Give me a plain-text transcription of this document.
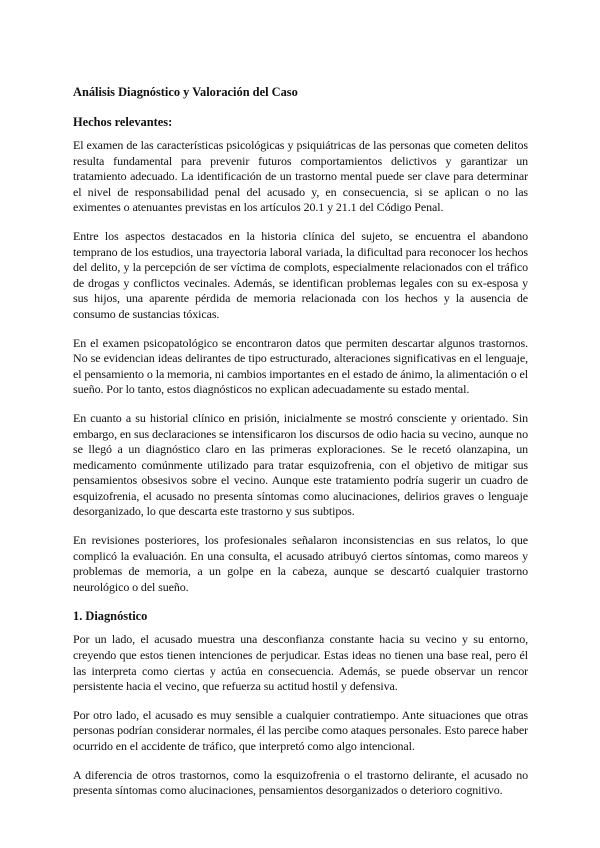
Análisis Diagnóstico y Valoración del Caso
Hechos relevantes:

El examen de las características psicológicas y psiquiátricas de las personas que cometen delitos resulta fundamental para prevenir futuros comportamientos delictivos y garantizar un tratamiento adecuado. La identificación de un trastorno mental puede ser clave para determinar el nivel de responsabilidad penal del acusado y, en consecuencia, si se aplican o no las eximentes o atenuantes previstas en los artículos 20.1 y 21.1 del Código Penal.

Entre los aspectos destacados en la historia clínica del sujeto, se encuentra el abandono temprano de los estudios, una trayectoria laboral variada, la dificultad para reconocer los hechos del delito, y la percepción de ser víctima de complots, especialmente relacionados con el tráfico de drogas y conflictos vecinales. Además, se identifican problemas legales con su ex-esposa y sus hijos, una aparente pérdida de memoria relacionada con los hechos y la ausencia de consumo de sustancias tóxicas.

En el examen psicopatológico se encontraron datos que permiten descartar algunos trastornos. No se evidencian ideas delirantes de tipo estructurado, alteraciones significativas en el lenguaje, el pensamiento o la memoria, ni cambios importantes en el estado de ánimo, la alimentación o el sueño. Por lo tanto, estos diagnósticos no explican adecuadamente su estado mental.

En cuanto a su historial clínico en prisión, inicialmente se mostró consciente y orientado. Sin embargo, en sus declaraciones se intensificaron los discursos de odio hacia su vecino, aunque no se llegó a un diagnóstico claro en las primeras exploraciones. Se le recetó olanzapina, un medicamento comúnmente utilizado para tratar esquizofrenia, con el objetivo de mitigar sus pensamientos obsesivos sobre el vecino. Aunque este tratamiento podría sugerir un cuadro de esquizofrenia, el acusado no presenta síntomas como alucinaciones, delirios graves o lenguaje desorganizado, lo que descarta este trastorno y sus subtipos.

En revisiones posteriores, los profesionales señalaron inconsistencias en sus relatos, lo que complicó la evaluación. En una consulta, el acusado atribuyó ciertos síntomas, como mareos y problemas de memoria, a un golpe en la cabeza, aunque se descartó cualquier trastorno neurológico o del sueño.

1. Diagnóstico

Por un lado, el acusado muestra una desconfianza constante hacia su vecino y su entorno, creyendo que estos tienen intenciones de perjudicar. Estas ideas no tienen una base real, pero él las interpreta como ciertas y actúa en consecuencia. Además, se puede observar un rencor persistente hacia el vecino, que refuerza su actitud hostil y defensiva.

Por otro lado, el acusado es muy sensible a cualquier contratiempo. Ante situaciones que otras personas podrían considerar normales, él las percibe como ataques personales. Esto parece haber ocurrido en el accidente de tráfico, que interpretó como algo intencional.

A diferencia de otros trastornos, como la esquizofrenia o el trastorno delirante, el acusado no presenta síntomas como alucinaciones, pensamientos desorganizados o deterioro cognitivo.
